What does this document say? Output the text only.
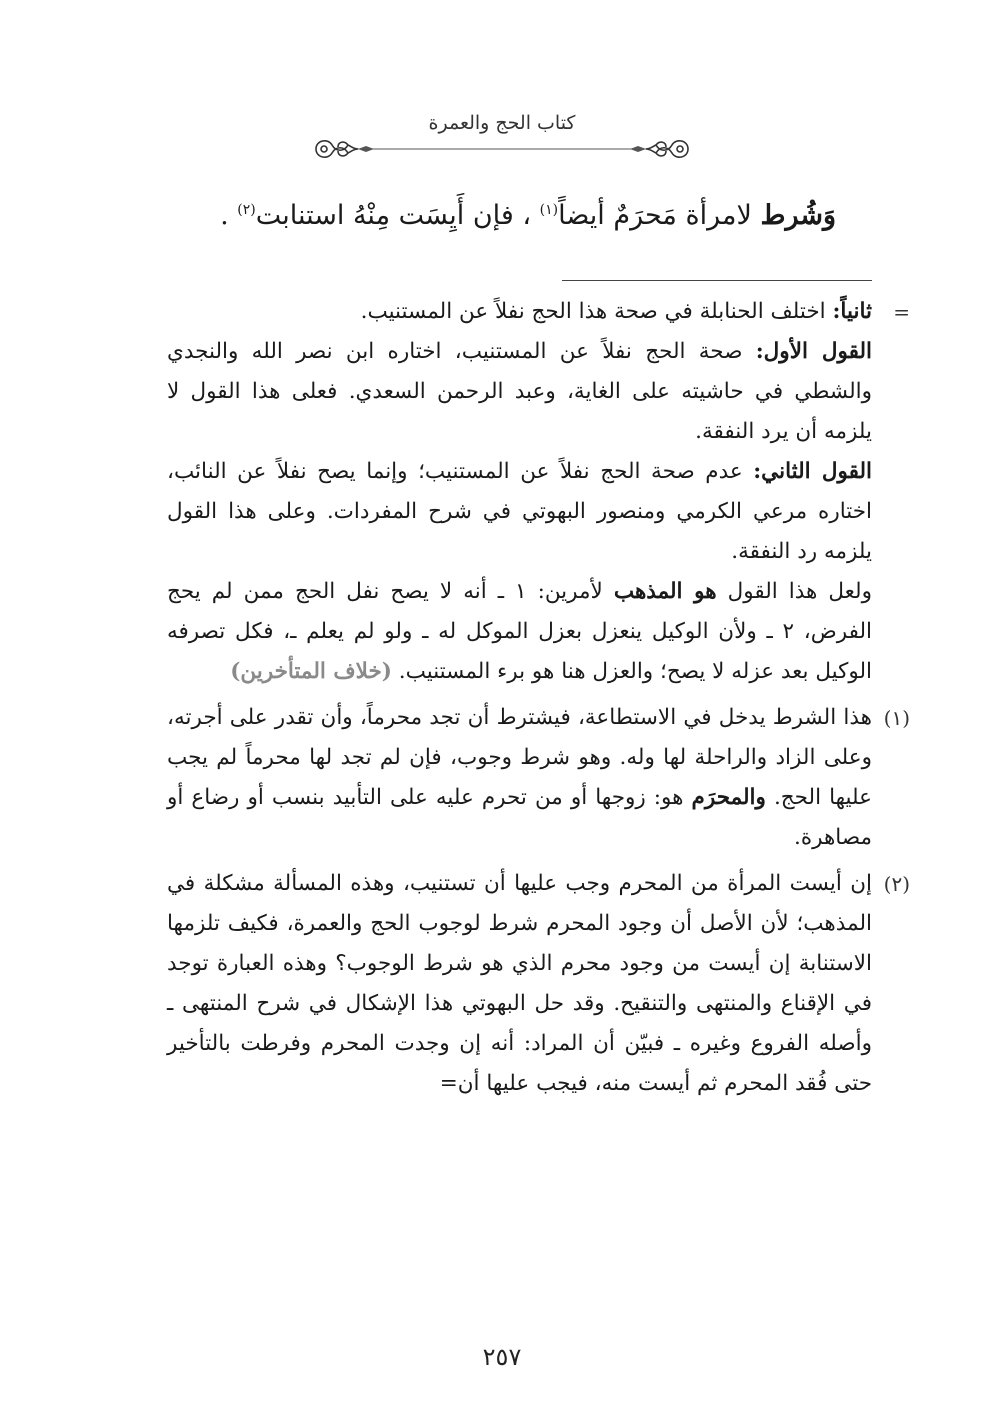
كتاب الحج والعمرة
وَشُرط لامرأة مَحرَمٌ أيضاً$^{(١)}$ ، فإن أَيِسَت مِنْهُ استنابت$^{(٢)}$ .

=
ثانياً: اختلف الحنابلة في صحة هذا الحج نفلاً عن المستنيب.

القول الأول: صحة الحج نفلاً عن المستنيب، اختاره ابن نصر الله والنجدي والشطي في حاشيته على الغاية، وعبد الرحمن السعدي. فعلى هذا القول لا يلزمه أن يرد النفقة.

القول الثاني: عدم صحة الحج نفلاً عن المستنيب؛ وإنما يصح نفلاً عن النائب، اختاره مرعي الكرمي ومنصور البهوتي في شرح المفردات. وعلى هذا القول يلزمه رد النفقة.

ولعل هذا القول هو المذهب لأمرين: ١ ـ أنه لا يصح نفل الحج ممن لم يحج الفرض، ٢ ـ ولأن الوكيل ينعزل بعزل الموكل له ـ ولو لم يعلم ـ، فكل تصرفه الوكيل بعد عزله لا يصح؛ والعزل هنا هو برء المستنيب. (خلاف المتأخرين)

(١)
هذا الشرط يدخل في الاستطاعة، فيشترط أن تجد محرماً، وأن تقدر على أجرته، وعلى الزاد والراحلة لها وله. وهو شرط وجوب، فإن لم تجد لها محرماً لم يجب عليها الحج. والمحرَم هو: زوجها أو من تحرم عليه على التأبيد بنسب أو رضاع أو مصاهرة.

(٢)
إن أيست المرأة من المحرم وجب عليها أن تستنيب، وهذه المسألة مشكلة في المذهب؛ لأن الأصل أن وجود المحرم شرط لوجوب الحج والعمرة، فكيف تلزمها الاستنابة إن أيست من وجود محرم الذي هو شرط الوجوب؟ وهذه العبارة توجد في الإقناع والمنتهى والتنقيح. وقد حل البهوتي هذا الإشكال في شرح المنتهى ـ وأصله الفروع وغيره ـ فبيّن أن المراد: أنه إن وجدت المحرم وفرطت بالتأخير حتى فُقد المحرم ثم أيست منه، فيجب عليها أن=

٢٥٧
